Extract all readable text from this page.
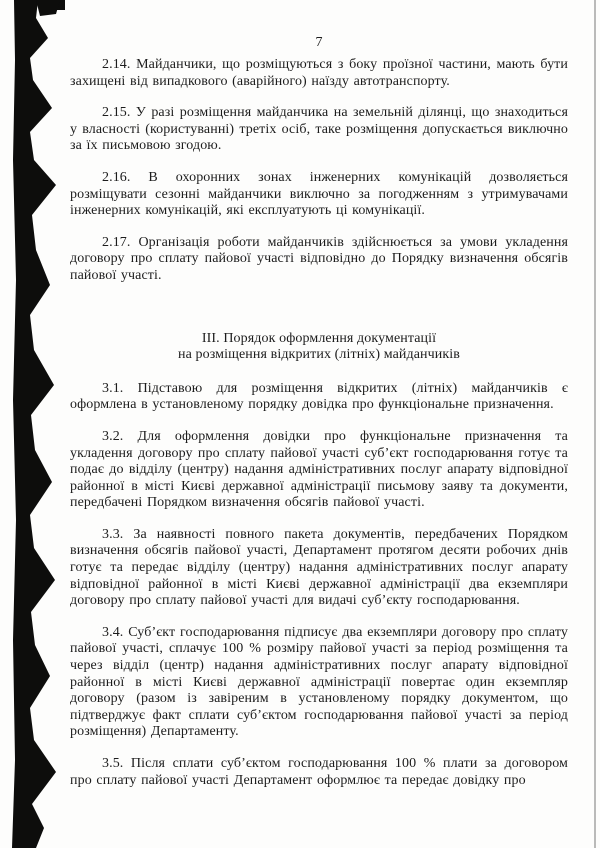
7

2.14. Майданчики, що розміщуються з боку проїзної частини, мають бути захищені від випадкового (аварійного) наїзду автотранспорту.

2.15. У разі розміщення майданчика на земельній ділянці, що знаходиться у власності (користуванні) третіх осіб, таке розміщення допускається виключно за їх письмовою згодою.

2.16. В охоронних зонах інженерних комунікацій дозволяється розміщувати сезонні майданчики виключно за погодженням з утримувачами інженерних комунікацій, які експлуатують ці комунікації.

2.17. Організація роботи майданчиків здійснюється за умови укладення договору про сплату пайової участі відповідно до Порядку визначення обсягів пайової участі.

III. Порядок оформлення документації
на розміщення відкритих (літніх) майданчиків

3.1. Підставою для розміщення відкритих (літніх) майданчиків є оформлена в установленому порядку довідка про функціональне призначення.

3.2. Для оформлення довідки про функціональне призначення та укладення договору про сплату пайової участі суб’єкт господарювання готує та подає до відділу (центру) надання адміністративних послуг апарату відповідної районної в місті Києві державної адміністрації письмову заяву та документи, передбачені Порядком визначення обсягів пайової участі.

3.3. За наявності повного пакета документів, передбачених Порядком визначення обсягів пайової участі, Департамент протягом десяти робочих днів готує та передає відділу (центру) надання адміністративних послуг апарату відповідної районної в місті Києві державної адміністрації два екземпляри договору про сплату пайової участі для видачі суб’єкту господарювання.

3.4. Суб’єкт господарювання підписує два екземпляри договору про сплату пайової участі, сплачує 100 % розміру пайової участі за період розміщення та через відділ (центр) надання адміністративних послуг апарату відповідної районної в місті Києві державної адміністрації повертає один екземпляр договору (разом із завіреним в установленому порядку документом, що підтверджує факт сплати суб’єктом господарювання пайової участі за період розміщення) Департаменту.

3.5. Після сплати суб’єктом господарювання 100 % плати за договором про сплату пайової участі Департамент оформлює та передає довідку про
